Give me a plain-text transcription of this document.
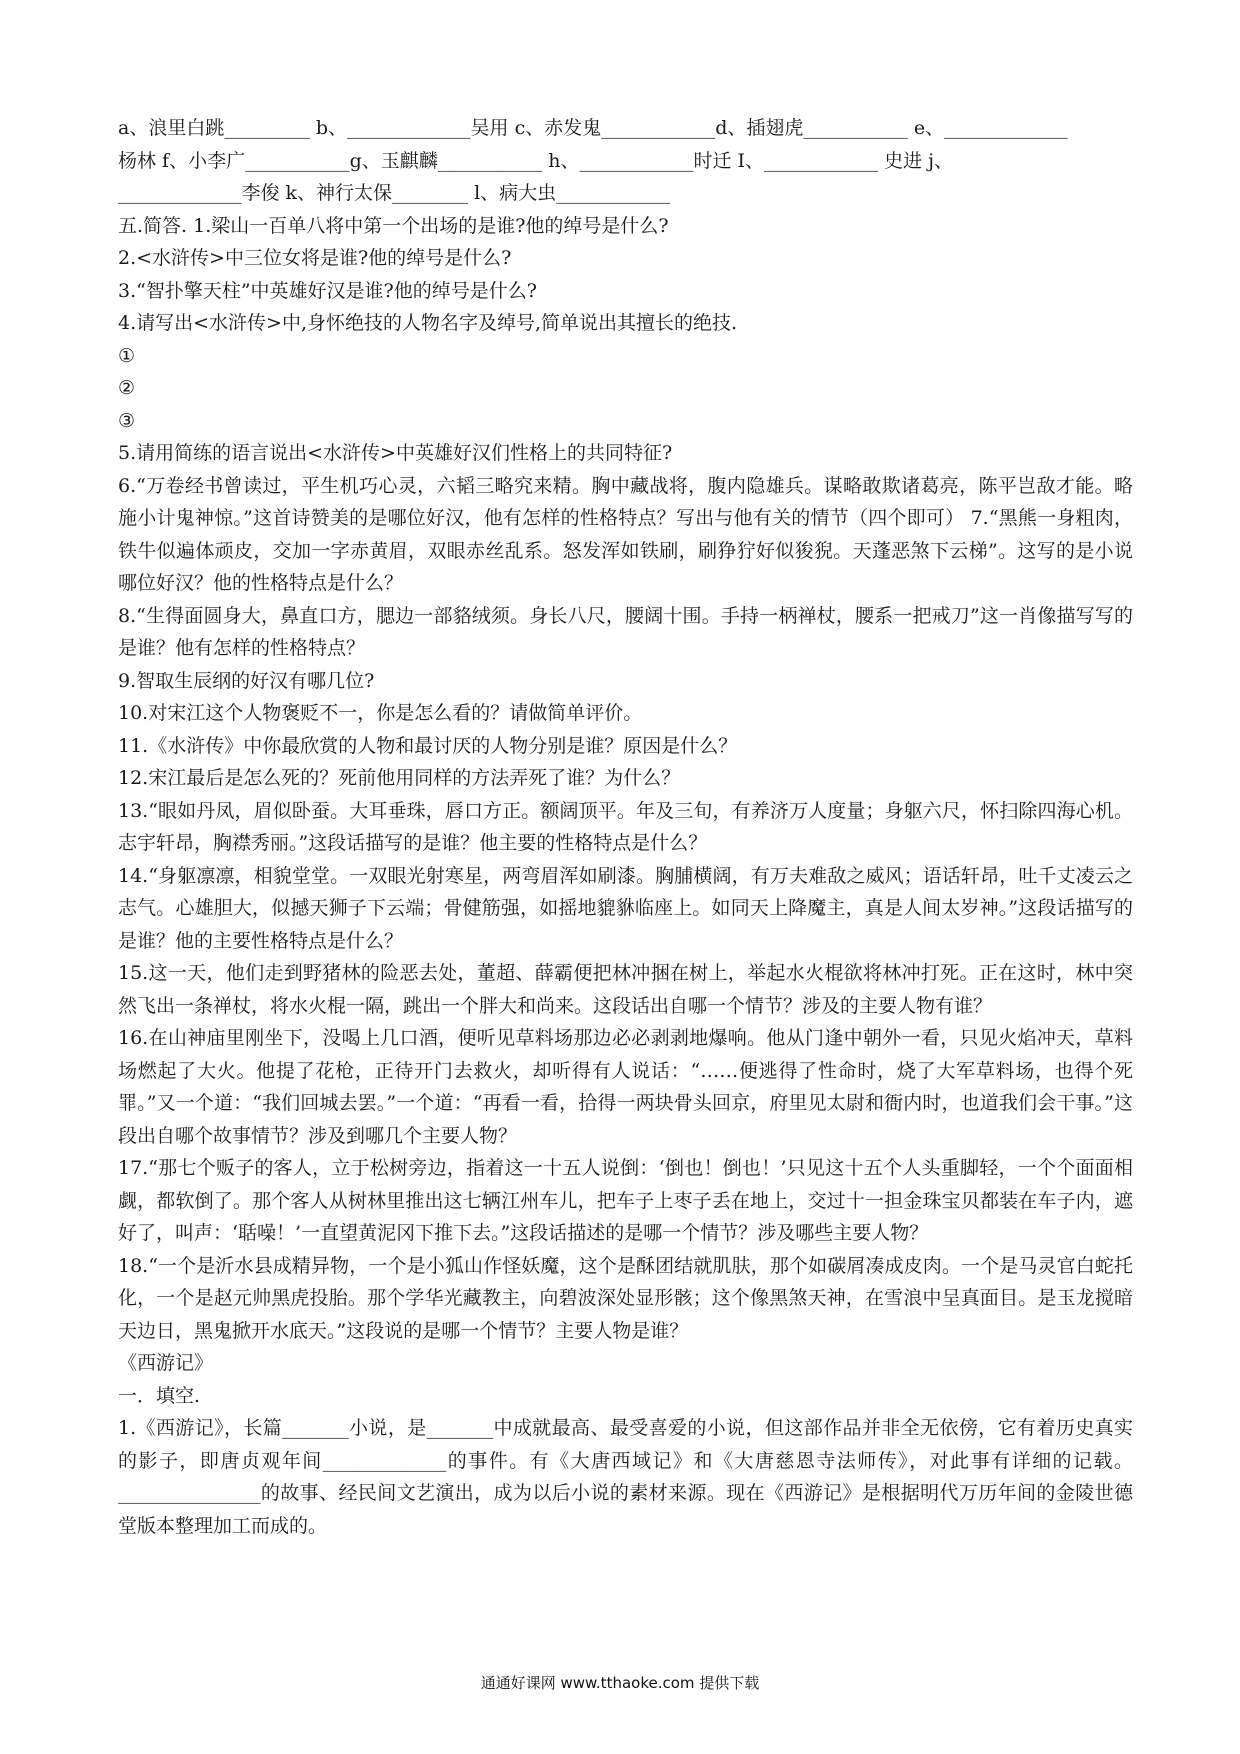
a、浪里白跳_________ b、_____________吴用 c、赤发鬼____________d、插翅虎___________ e、_____________
杨林 f、小李广___________g、玉麒麟___________ h、____________时迁 I、____________ 史进 j、
_____________李俊 k、神行太保________ l、病大虫____________
五.简答. 1.梁山一百单八将中第一个出场的是谁?他的绰号是什么?
2.<水浒传>中三位女将是谁?他的绰号是什么?
3.“智扑擎天柱”中英雄好汉是谁?他的绰号是什么?
4.请写出<水浒传>中,身怀绝技的人物名字及绰号,简单说出其擅长的绝技.
①
②
③
5.请用简练的语言说出<水浒传>中英雄好汉们性格上的共同特征?
6.“万卷经书曾读过，平生机巧心灵，六韬三略究来精。胸中藏战将，腹内隐雄兵。谋略敢欺诸葛亮，陈平岂敌才能。略施小计鬼神惊。”这首诗赞美的是哪位好汉，他有怎样的性格特点？写出与他有关的情节（四个即可） 7.“黑熊一身粗肉，铁牛似遍体顽皮，交加一字赤黄眉，双眼赤丝乱系。怒发浑如铁刷，刷狰狞好似狻猊。天蓬恶煞下云梯”。这写的是小说哪位好汉？他的性格特点是什么？
8.“生得面圆身大，鼻直口方，腮边一部貉绒须。身长八尺，腰阔十围。手持一柄禅杖，腰系一把戒刀”这一肖像描写写的是谁？他有怎样的性格特点？
9.智取生辰纲的好汉有哪几位?
10.对宋江这个人物褒贬不一，你是怎么看的？请做简单评价。
11.《水浒传》中你最欣赏的人物和最讨厌的人物分别是谁？原因是什么？
12.宋江最后是怎么死的？死前他用同样的方法弄死了谁？为什么？
13.“眼如丹凤，眉似卧蚕。大耳垂珠，唇口方正。额阔顶平。年及三旬，有养济万人度量；身躯六尺，怀扫除四海心机。志宇轩昂，胸襟秀丽。”这段话描写的是谁？他主要的性格特点是什么？
14.“身躯凛凛，相貌堂堂。一双眼光射寒星，两弯眉浑如刷漆。胸脯横阔，有万夫难敌之威风；语话轩昂，吐千丈凌云之志气。心雄胆大，似撼天狮子下云端；骨健筋强，如摇地貔貅临座上。如同天上降魔主，真是人间太岁神。”这段话描写的是谁？他的主要性格特点是什么？
15.这一天，他们走到野猪林的险恶去处，董超、薛霸便把林冲捆在树上，举起水火棍欲将林冲打死。正在这时，林中突然飞出一条禅杖，将水火棍一隔，跳出一个胖大和尚来。这段话出自哪一个情节？涉及的主要人物有谁？
16.在山神庙里刚坐下，没喝上几口酒，便听见草料场那边必必剥剥地爆响。他从门逢中朝外一看，只见火焰冲天，草料场燃起了大火。他提了花枪，正待开门去救火，却听得有人说话：“……便逃得了性命时，烧了大军草料场，也得个死罪。”又一个道：“我们回城去罢。”一个道：“再看一看，拾得一两块骨头回京，府里见太尉和衙内时，也道我们会干事。”这段出自哪个故事情节？涉及到哪几个主要人物？
17.“那七个贩子的客人，立于松树旁边，指着这一十五人说倒：‘倒也！倒也！’只见这十五个人头重脚轻，一个个面面相觑，都软倒了。那个客人从树林里推出这七辆江州车儿，把车子上枣子丢在地上，交过十一担金珠宝贝都装在车子内，遮好了，叫声：‘聒噪！’一直望黄泥冈下推下去。”这段话描述的是哪一个情节？涉及哪些主要人物？
18.“一个是沂水县成精异物，一个是小狐山作怪妖魔，这个是酥团结就肌肤，那个如碳屑凑成皮肉。一个是马灵官白蛇托化，一个是赵元帅黑虎投胎。那个学华光藏教主，向碧波深处显形骸；这个像黑煞天神，在雪浪中呈真面目。是玉龙搅暗天边日，黑鬼掀开水底天。”这段说的是哪一个情节？主要人物是谁？
《西游记》
一．填空.
1.《西游记》，长篇_______小说，是_______中成就最高、最受喜爱的小说，但这部作品并非全无依傍，它有着历史真实的影子，即唐贞观年间_____________的事件。有《大唐西域记》和《大唐慈恩寺法师传》，对此事有详细的记载。_______________的故事、经民间文艺演出，成为以后小说的素材来源。现在《西游记》是根据明代万历年间的金陵世德堂版本整理加工而成的。
通通好课网 www.tthaoke.com 提供下载
